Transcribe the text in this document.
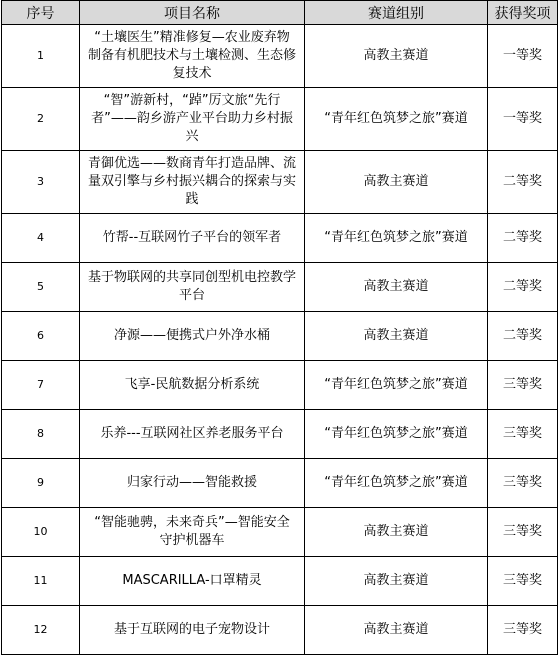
序号	项目名称	赛道组别	获得奖项
1	“土壤医生”精准修复—农业废弃物制备有机肥技术与土壤检测、生态修复技术	高教主赛道	一等奖
2	“智”游新村，“踔”厉文旅“先行者”——韵乡游产业平台助力乡村振兴	“青年红色筑梦之旅”赛道	一等奖
3	青御优选——数商青年打造品牌、流量双引擎与乡村振兴耦合的探索与实践	高教主赛道	二等奖
4	竹帮--互联网竹子平台的领军者	“青年红色筑梦之旅”赛道	二等奖
5	基于物联网的共享同创型机电控教学平台	高教主赛道	二等奖
6	净源——便携式户外净水桶	高教主赛道	二等奖
7	飞享-民航数据分析系统	“青年红色筑梦之旅”赛道	三等奖
8	乐养---互联网社区养老服务平台	“青年红色筑梦之旅”赛道	三等奖
9	归家行动——智能救援	“青年红色筑梦之旅”赛道	三等奖
10	“智能驰骋，未来奇兵”—智能安全守护机器车	高教主赛道	三等奖
11	MASCARILLA-口罩精灵	高教主赛道	三等奖
12	基于互联网的电子宠物设计	高教主赛道	三等奖
